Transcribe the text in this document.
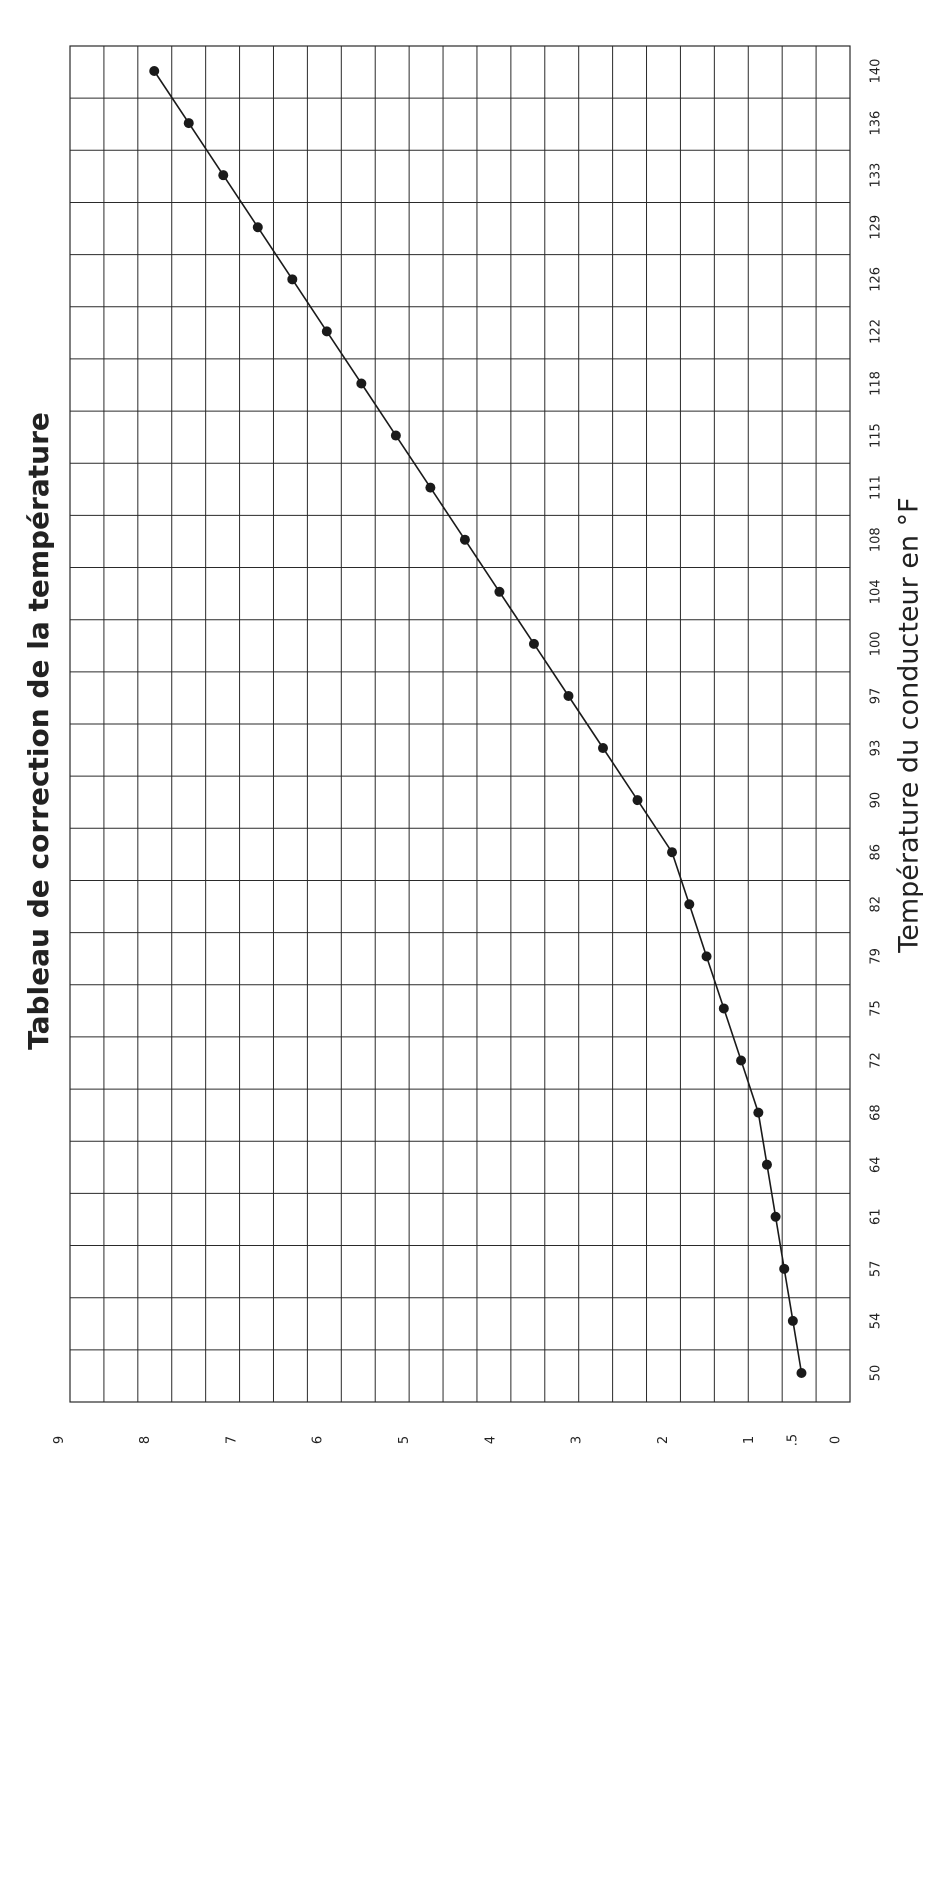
50
54
57
61
64
68
72
75
79
82
86
90
93
97
100
104
108
111
115
118
122
126
129
133
136
140
0
.5
1
2
3
4
5
6
7
8
9
Tableau de correction de la température	Température du conducteur en °F
